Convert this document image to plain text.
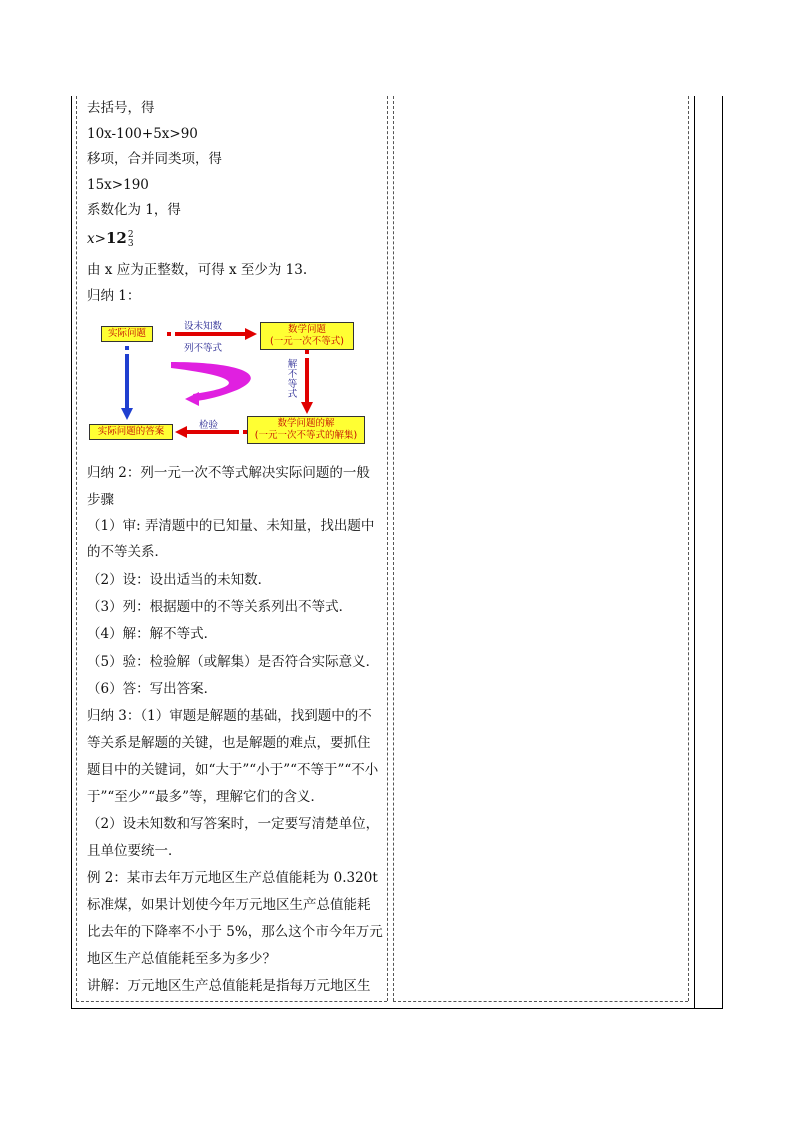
去括号，得
10x-100+5x>90
移项，合并同类项，得
15x>190
系数化为 1，得
x>12 2
3
由 x 应为正整数，可得 x 至少为 13.
归纳 1：
实际问题	数学问题
(一元一次不等式)
数学问题的解
(一元一次不等式的解集)
实际问题的答案
设未知数
列不等式
解不等式
检验
归纳 2：列一元一次不等式解决实际问题的一般
步骤
（1）审: 弄清题中的已知量、未知量，找出题中
的不等关系．
（2）设：设出适当的未知数．
（3）列：根据题中的不等关系列出不等式．
（4）解：解不等式．
（5）验：检验解（或解集）是否符合实际意义．
（6）答：写出答案．
归纳 3：（1）审题是解题的基础，找到题中的不
等关系是解题的关键，也是解题的难点，要抓住
题目中的关键词，如“大于”“小于”“不等于”“不小
于”“至少”“最多”等，理解它们的含义．
（2）设未知数和写答案时，一定要写清楚单位，
且单位要统一．
例 2：某市去年万元地区生产总值能耗为 0.320t
标准煤，如果计划使今年万元地区生产总值能耗
比去年的下降率不小于 5%，那么这个市今年万元
地区生产总值能耗至多为多少？
讲解：万元地区生产总值能耗是指每万元地区生
